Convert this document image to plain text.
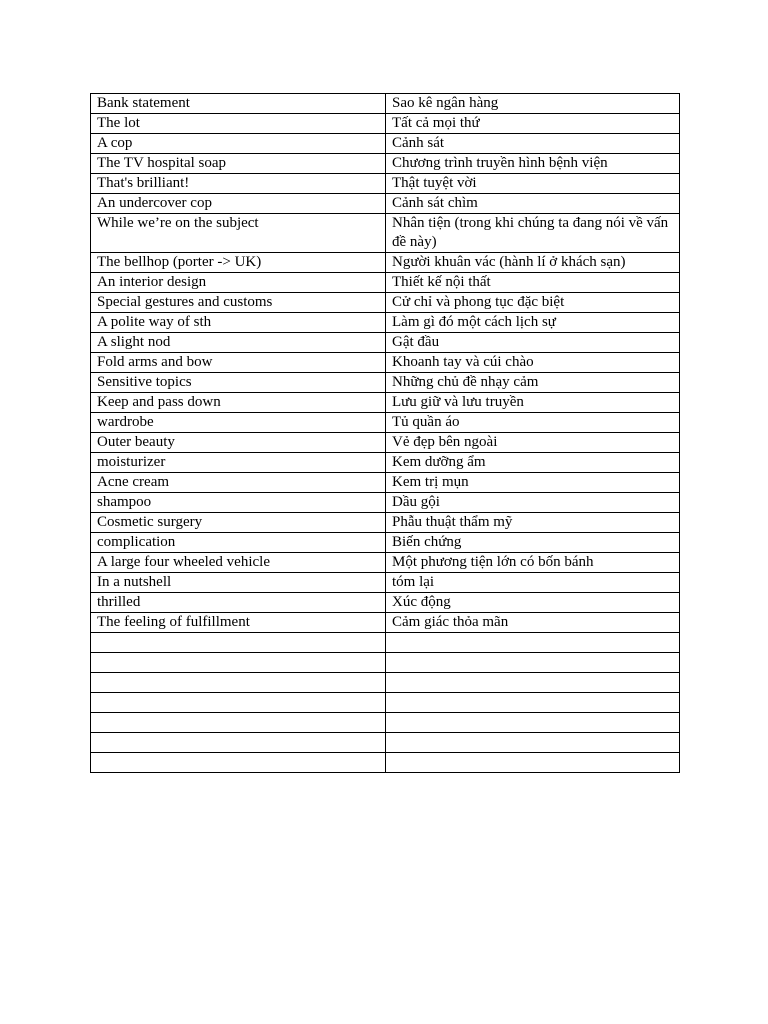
Bank statement	Sao kê ngân hàng
The lot	Tất cả mọi thứ
A cop	Cảnh sát
The TV hospital soap	Chương trình truyền hình bệnh viện
That's brilliant!	Thật tuyệt vời
An undercover cop	Cảnh sát chìm
While we’re on the subject	Nhân tiện (trong khi chúng ta đang nói về vấn đề này)
The bellhop (porter -> UK)	Người khuân vác (hành lí ở khách sạn)
An interior design	Thiết kế nội thất
Special gestures and customs	Cử chỉ và phong tục đặc biệt
A polite way of sth	Làm gì đó một cách lịch sự
A slight nod	Gật đầu
Fold arms and bow	Khoanh tay và cúi chào
Sensitive topics	Những chủ đề nhạy cảm
Keep and pass down	Lưu giữ và lưu truyền
wardrobe	Tủ quần áo
Outer beauty	Vẻ đẹp bên ngoài
moisturizer	Kem dưỡng ẩm
Acne cream	Kem trị mụn
shampoo	Dầu gội
Cosmetic surgery	Phẫu thuật thẩm mỹ
complication	Biến chứng
A large four wheeled vehicle	Một phương tiện lớn có bốn bánh
In a nutshell	tóm lại
thrilled	Xúc động
The feeling of fulfillment	Cảm giác thỏa mãn
